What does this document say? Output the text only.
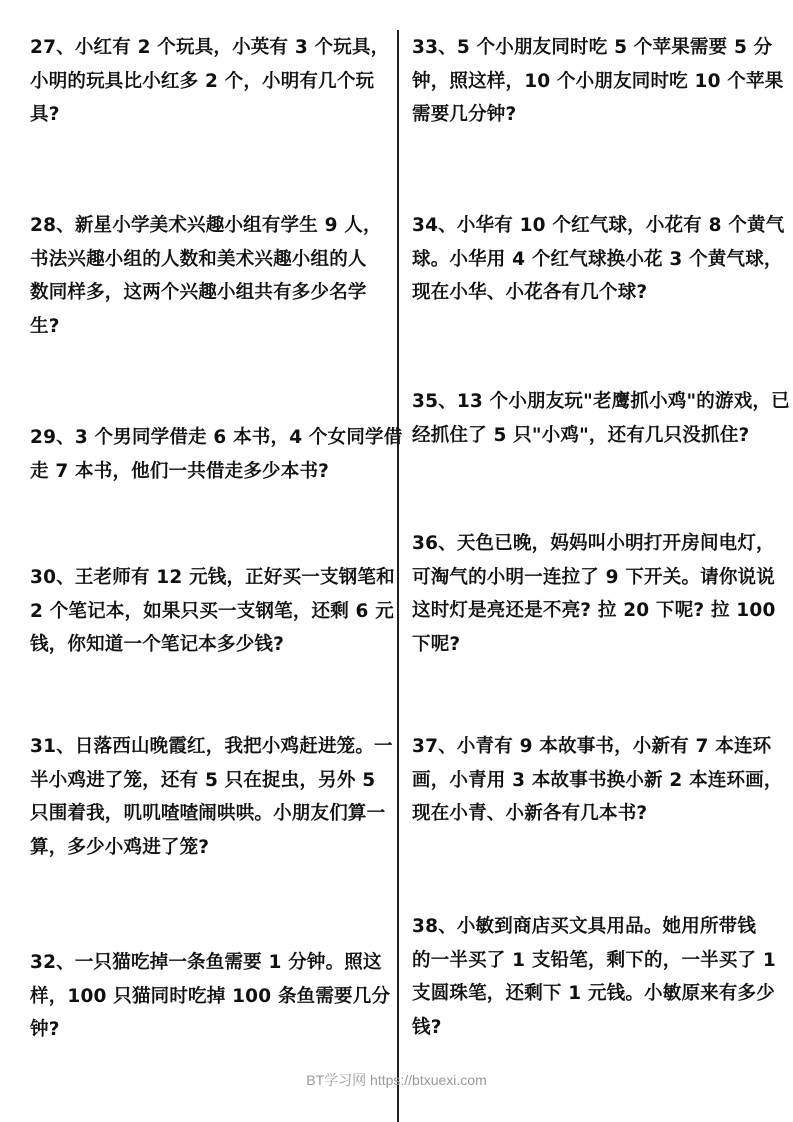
27、小红有 2 个玩具，小英有 3 个玩具，
小明的玩具比小红多 2 个，小明有几个玩
具?
28、新星小学美术兴趣小组有学生 9 人，
书法兴趣小组的人数和美术兴趣小组的人
数同样多，这两个兴趣小组共有多少名学
生?
29、3 个男同学借走 6 本书，4 个女同学借
走 7 本书，他们一共借走多少本书?
30、王老师有 12 元钱，正好买一支钢笔和
2 个笔记本，如果只买一支钢笔，还剩 6 元
钱，你知道一个笔记本多少钱?
31、日落西山晚霞红，我把小鸡赶进笼。一
半小鸡进了笼，还有 5 只在捉虫，另外 5
只围着我，叽叽喳喳闹哄哄。小朋友们算一
算，多少小鸡进了笼?
32、一只猫吃掉一条鱼需要 1 分钟。照这
样，100 只猫同时吃掉 100 条鱼需要几分
钟?
33、5 个小朋友同时吃 5 个苹果需要 5 分
钟，照这样，10 个小朋友同时吃 10 个苹果
需要几分钟?
34、小华有 10 个红气球，小花有 8 个黄气
球。小华用 4 个红气球换小花 3 个黄气球，
现在小华、小花各有几个球?
35、13 个小朋友玩"老鹰抓小鸡"的游戏，已
经抓住了 5 只"小鸡"，还有几只没抓住?
36、天色已晚，妈妈叫小明打开房间电灯，
可淘气的小明一连拉了 9 下开关。请你说说
这时灯是亮还是不亮? 拉 20 下呢? 拉 100
下呢?
37、小青有 9 本故事书，小新有 7 本连环
画，小青用 3 本故事书换小新 2 本连环画，
现在小青、小新各有几本书?
38、小敏到商店买文具用品。她用所带钱
的一半买了 1 支铅笔，剩下的，一半买了 1
支圆珠笔，还剩下 1 元钱。小敏原来有多少
钱?
BT学习网 https://btxuexi.com
